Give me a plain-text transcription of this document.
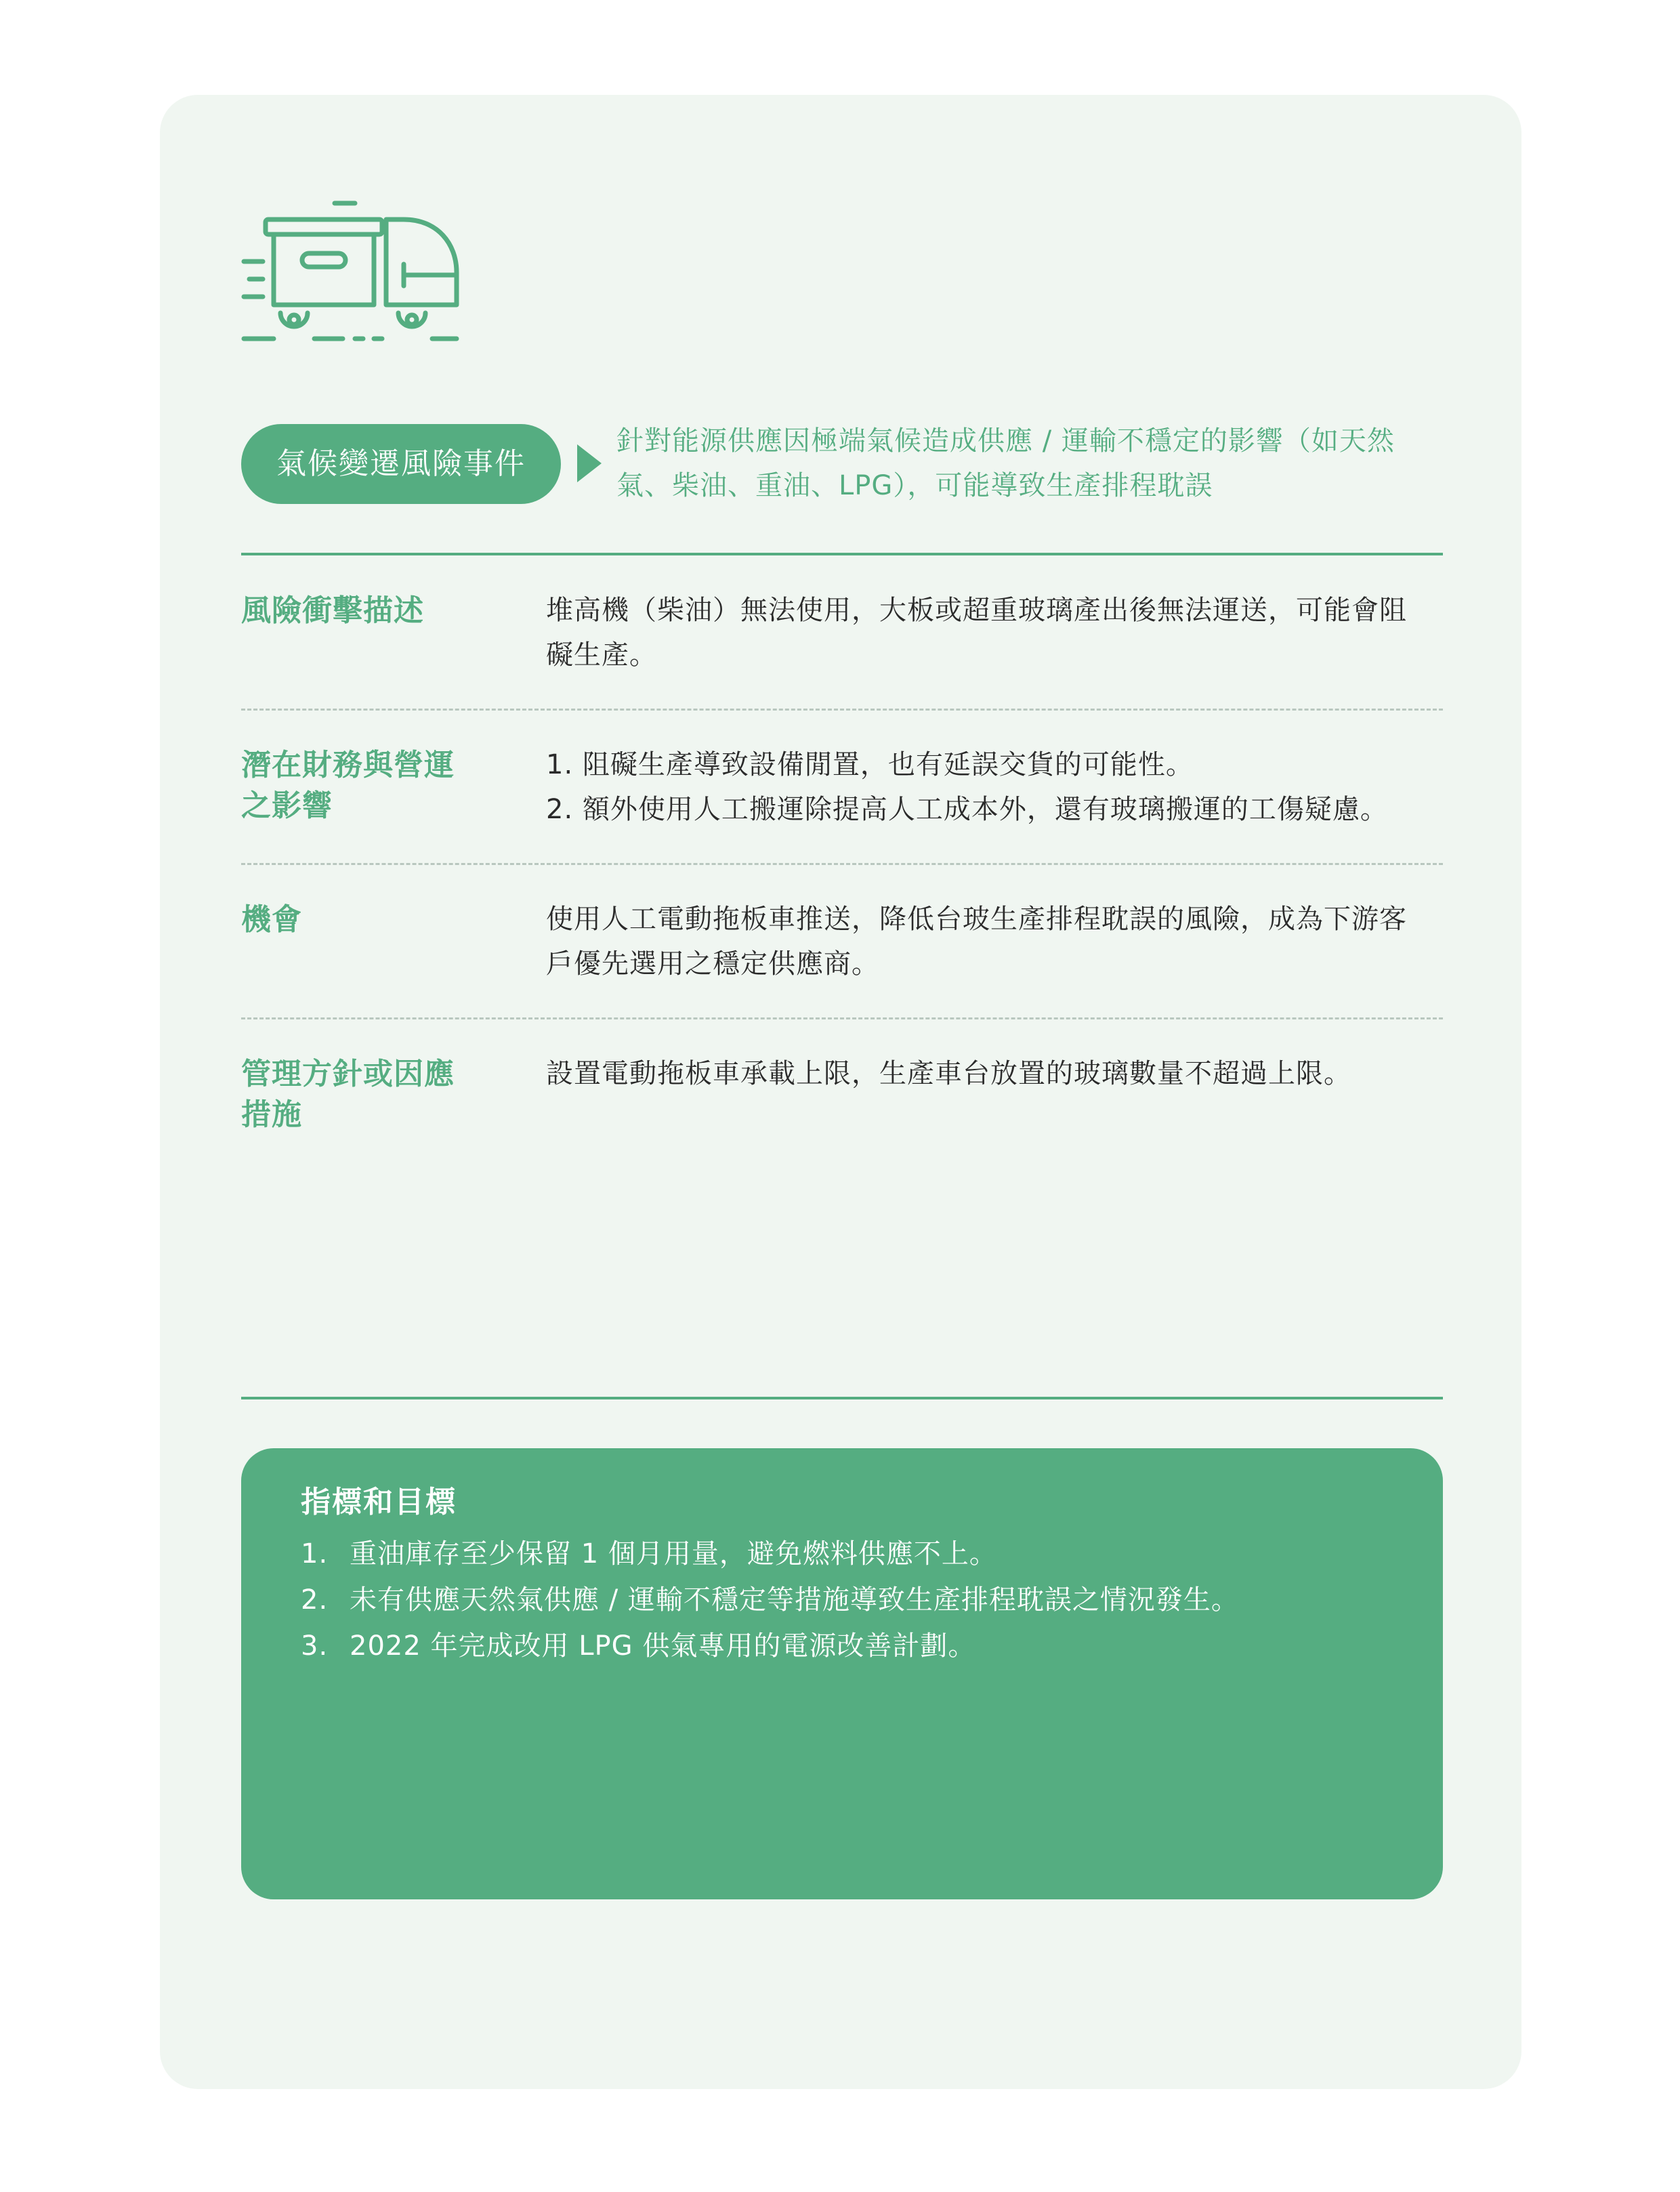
氣候變遷風險事件
針對能源供應因極端氣候造成供應 / 運輸不穩定的影響（如天然
氣、柴油、重油、LPG），可能導致生產排程耽誤
風險衝擊描述	堆高機（柴油）無法使用，大板或超重玻璃產出後無法運送，可能會阻

礙生產。

潛在財務與營運
之影響

1. 阻礙生產導致設備閒置，也有延誤交貨的可能性。

2. 額外使用人工搬運除提高人工成本外，還有玻璃搬運的工傷疑慮。

機會	使用人工電動拖板車推送，降低台玻生產排程耽誤的風險，成為下游客

戶優先選用之穩定供應商。

管理方針或因應
措施

設置電動拖板車承載上限，生產車台放置的玻璃數量不超過上限。

指標和目標
1. 重油庫存至少保留 1 個月用量，避免燃料供應不上。
2. 未有供應天然氣供應 / 運輸不穩定等措施導致生產排程耽誤之情況發生。
3. 2022 年完成改用 LPG 供氣專用的電源改善計劃。
